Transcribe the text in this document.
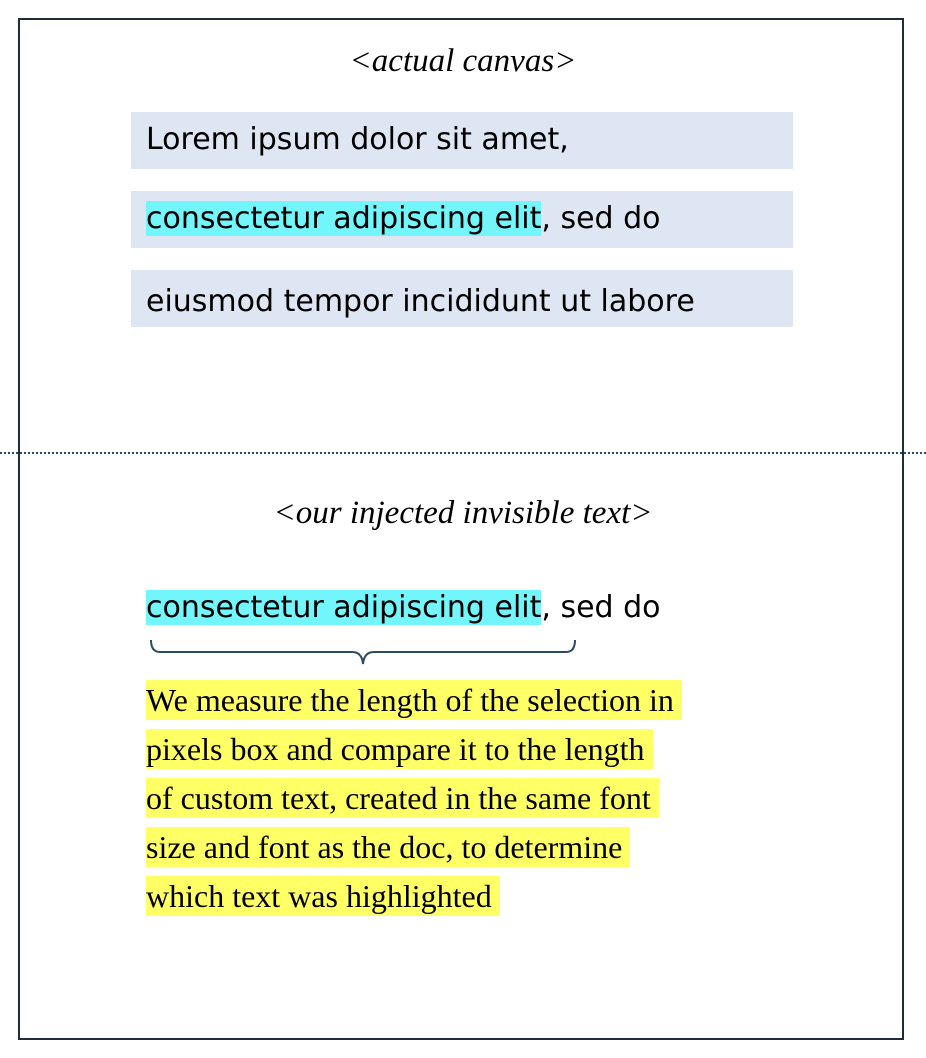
<actual canvas>
Lorem ipsum dolor sit amet,
consectetur adipiscing elit, sed do
eiusmod tempor incididunt ut labore
<our injected invisible text>
consectetur adipiscing elit, sed do
We measure the length of the selection in
pixels box and compare it to the length
of custom text, created in the same font
size and font as the doc, to determine
which text was highlighted
